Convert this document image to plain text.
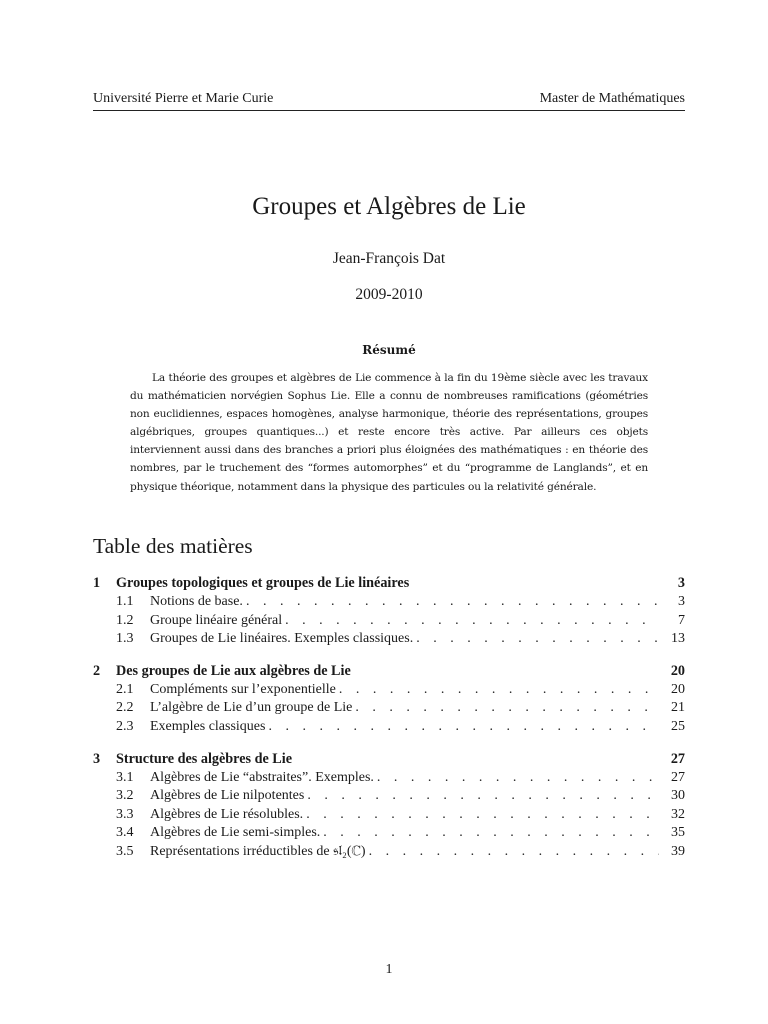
Université Pierre et Marie Curie	Master de Mathématiques
Groupes et Algèbres de Lie

Jean-François Dat

2009-2010

Résumé

La théorie des groupes et algèbres de Lie commence à la fin du 19ème siècle avec les travaux du mathématicien norvégien Sophus Lie. Elle a connu de nombreuses ramifications (géométries non euclidiennes, espaces homogènes, analyse harmonique, théorie des représentations, groupes algébriques, groupes quantiques...) et reste encore très active. Par ailleurs ces objets interviennent aussi dans des branches a priori plus éloignées des mathématiques : en théorie des nombres, par le truchement des “formes automorphes” et du “programme de Langlands”, et en physique théorique, notamment dans la physique des particules ou la relativité générale.

Table des matières
1	Groupes topologiques et groupes de Lie linéaires	3
1.1	Notions de base. . . .	3
1.2	Groupe linéaire général . . .	7
1.3	Groupes de Lie linéaires. Exemples classiques. . . .	13
2	Des groupes de Lie aux algèbres de Lie	20
2.1	Compléments sur l’exponentielle . . .	20
2.2	L’algèbre de Lie d’un groupe de Lie . . .	21
2.3	Exemples classiques . . .	25
3	Structure des algèbres de Lie	27
3.1	Algèbres de Lie “abstraites”. Exemples. . . .	27
3.2	Algèbres de Lie nilpotentes . . .	30
3.3	Algèbres de Lie résolubles. . . .	32
3.4	Algèbres de Lie semi-simples. . . .	35
3.5	Représentations irréductibles de 𝔰𝔩₂(ℂ) . . .	39
1
